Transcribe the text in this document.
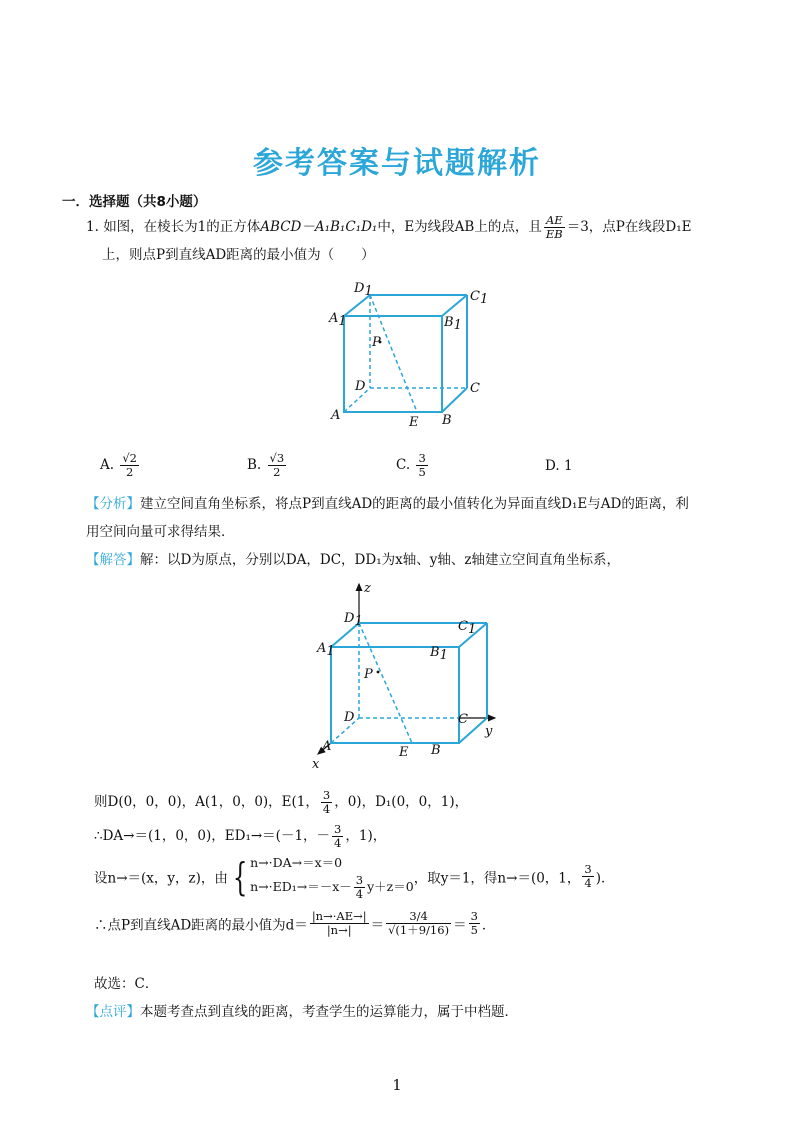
参考答案与试题解析
一．选择题（共8小题）
1. 如图，在棱长为1的正方体ABCD－A₁B₁C₁D₁中，E为线段AB上的点，且 $\frac{AE}{EB} =3$，点P在线段D₁E
上，则点P到直线AD距离的最小值为（　　）
D1	C1
A1	B1
P
D	C
A	B
E
A. $\frac{√2}{2}$	B. $\frac{√3}{2}$	C. $\frac{3}{5}$	D. 1
【分析】建立空间直角坐标系，将点P到直线AD的距离的最小值转化为异面直线D₁E与AD的距离，利
用空间向量可求得结果．
【解答】解：以D为原点，分别以DA，DC，DD₁为x轴、y轴、z轴建立空间直角坐标系，
z
y
x
D1	C1
A1	B1
P
D	C
A	B
E
则D(0，0，0)，A(1，0，0)，E(1， $\frac{3}{4}$ ，0)，D₁(0，0，1)，
∴DA→＝(1，0，0)，ED₁→＝(－1，－ $\frac{3}{4}$ ，1)，
设n→＝(x，y，z)，由 { n→·DA→＝x＝0
$n\to\cdot ED_1\to=-x- \frac{3}{4} y+z=0$ ，取y＝1，得n→＝(0，1， $\frac{3}{4}$ )．
∴点P到直线AD距离的最小值为$d= \frac{|n\to\cdot AE\to|}{|n\to|} = \frac{3/4}{√(1+9/16)} = \frac{3}{5}$ ．
故选：C．
【点评】本题考查点到直线的距离，考查学生的运算能力，属于中档题．
1
